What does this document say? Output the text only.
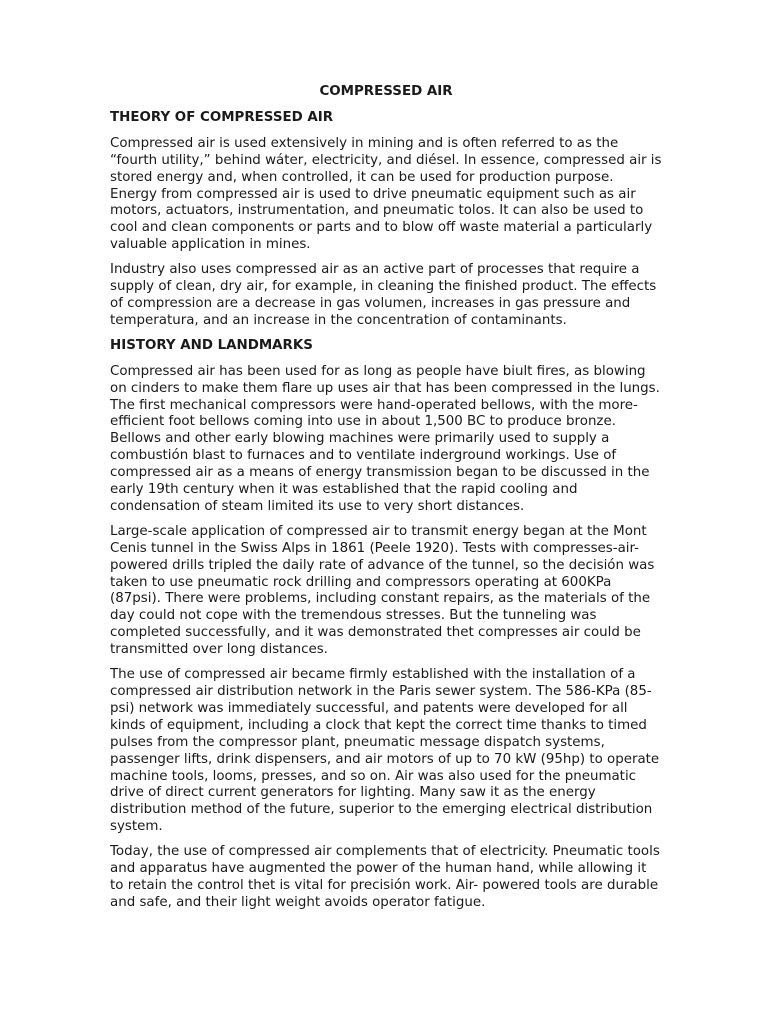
COMPRESSED AIR
THEORY OF COMPRESSED AIR

Compressed air is used extensively in mining and is often referred to as the “fourth utility,” behind wáter, electricity, and diésel. In essence, compressed air is stored energy and, when controlled, it can be used for production purpose. Energy from compressed air is used to drive pneumatic equipment such as air motors, actuators, instrumentation, and pneumatic tolos. It can also be used to cool and clean components or parts and to blow off waste material a particularly valuable application in mines.

Industry also uses compressed air as an active part of processes that require a supply of clean, dry air, for example, in cleaning the finished product. The effects of compression are a decrease in gas volumen, increases in gas pressure and temperatura, and an increase in the concentration of contaminants.

HISTORY AND LANDMARKS

Compressed air has been used for as long as people have biult fires, as blowing on cinders to make them flare up uses air that has been compressed in the lungs. The first mechanical compressors were hand-operated bellows, with the more-efficient foot bellows coming into use in about 1,500 BC to produce bronze. Bellows and other early blowing machines were primarily used to supply a combustión blast to furnaces and to ventilate inderground workings. Use of compressed air as a means of energy transmission began to be discussed in the early 19th century when it was established that the rapid cooling and condensation of steam limited its use to very short distances.

Large-scale application of compressed air to transmit energy began at the Mont Cenis tunnel in the Swiss Alps in 1861 (Peele 1920). Tests with compresses-air-powered drills tripled the daily rate of advance of the tunnel, so the decisión was taken to use pneumatic rock drilling and compressors operating at 600KPa (87psi). There were problems, including constant repairs, as the materials of the day could not cope with the tremendous stresses. But the tunneling was completed successfully, and it was demonstrated thet compresses air could be transmitted over long distances.

The use of compressed air became firmly established with the installation of a compressed air distribution network in the Paris sewer system. The 586-KPa (85-psi) network was immediately successful, and patents were developed for all kinds of equipment, including a clock that kept the correct time thanks to timed pulses from the compressor plant, pneumatic message dispatch systems, passenger lifts, drink dispensers, and air motors of up to 70 kW (95hp) to operate machine tools, looms, presses, and so on. Air was also used for the pneumatic drive of direct current generators for lighting. Many saw it as the energy distribution method of the future, superior to the emerging electrical distribution system.

Today, the use of compressed air complements that of electricity. Pneumatic tools and apparatus have augmented the power of the human hand, while allowing it to retain the control thet is vital for precisión work. Air- powered tools are durable and safe, and their light weight avoids operator fatigue.
